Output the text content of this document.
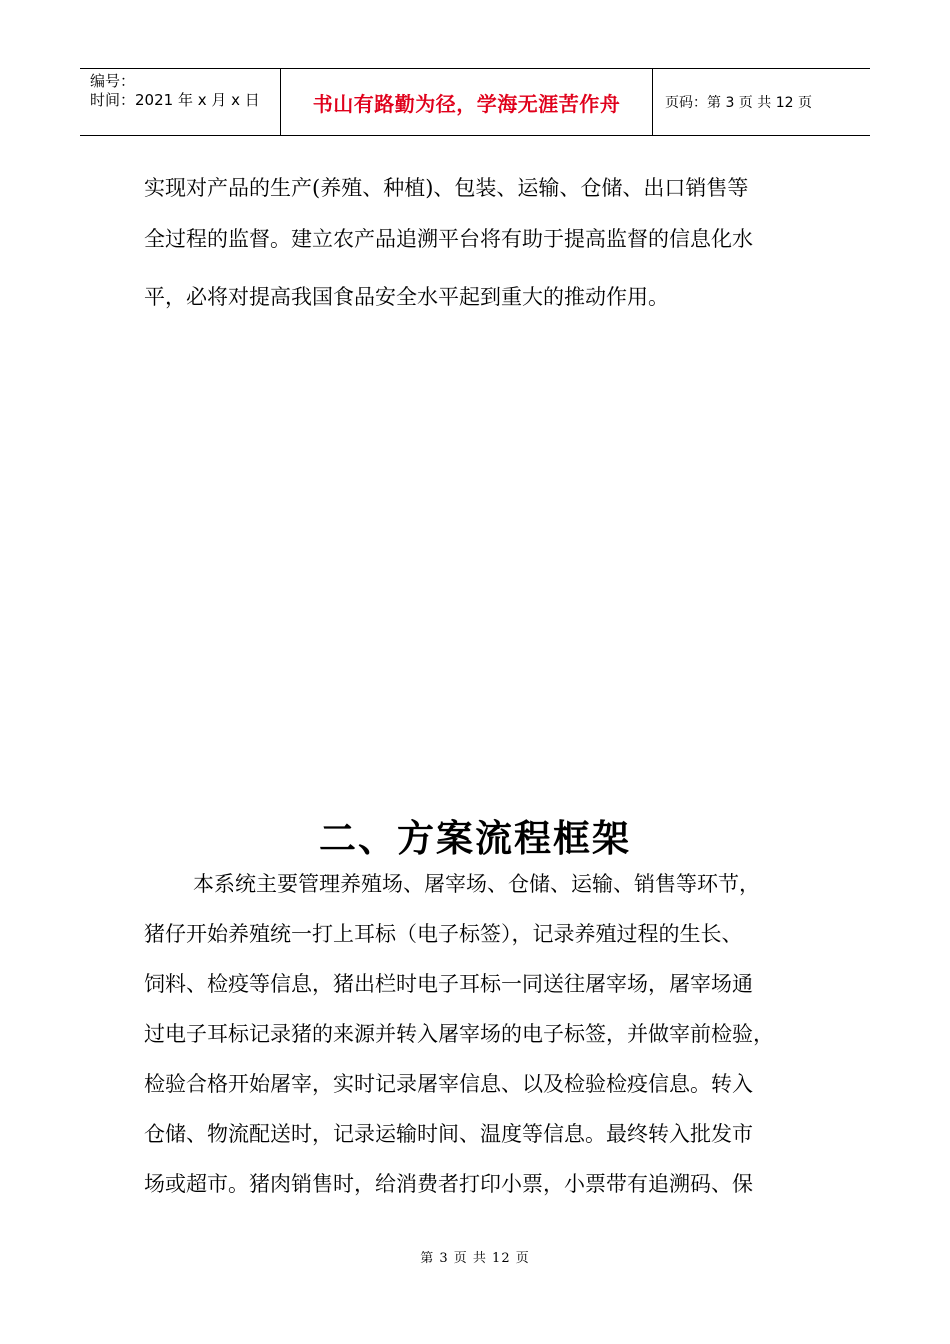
编号：
时间：2021 年 x 月 x 日	书山有路勤为径，学海无涯苦作舟	页码：第 3 页 共 12 页
实现对产品的生产(养殖、种植)、包装、运输、仓储、出口销售等
全过程的监督。建立农产品追溯平台将有助于提高监督的信息化水
平，必将对提高我国食品安全水平起到重大的推动作用。
二、方案流程框架
本系统主要管理养殖场、屠宰场、仓储、运输、销售等环节，
猪仔开始养殖统一打上耳标（电子标签），记录养殖过程的生长、
饲料、检疫等信息，猪出栏时电子耳标一同送往屠宰场，屠宰场通
过电子耳标记录猪的来源并转入屠宰场的电子标签，并做宰前检验，
检验合格开始屠宰，实时记录屠宰信息、以及检验检疫信息。转入
仓储、物流配送时，记录运输时间、温度等信息。最终转入批发市
场或超市。猪肉销售时，给消费者打印小票，小票带有追溯码、保
第 3 页 共 12 页
